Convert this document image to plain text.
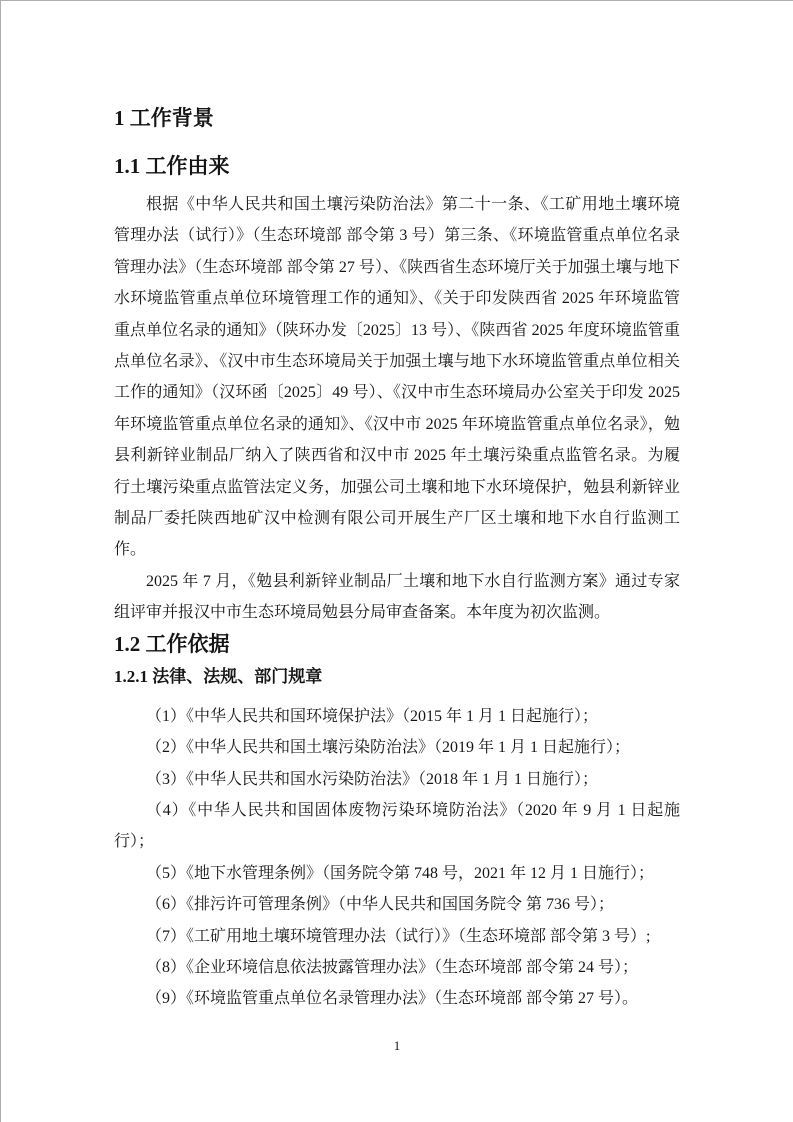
1 工作背景
1.1 工作由来

根据《中华人民共和国土壤污染防治法》第二十一条、《工矿用地土壤环境管理办法（试行）》（生态环境部 部令第 3 号）第三条、《环境监管重点单位名录管理办法》（生态环境部 部令第 27 号）、《陕西省生态环境厅关于加强土壤与地下水环境监管重点单位环境管理工作的通知》、《关于印发陕西省 2025 年环境监管重点单位名录的通知》（陕环办发〔2025〕13 号）、《陕西省 2025 年度环境监管重点单位名录》、《汉中市生态环境局关于加强土壤与地下水环境监管重点单位相关工作的通知》（汉环函〔2025〕49 号）、《汉中市生态环境局办公室关于印发 2025 年环境监管重点单位名录的通知》、《汉中市 2025 年环境监管重点单位名录》，勉县利新锌业制品厂纳入了陕西省和汉中市 2025 年土壤污染重点监管名录。为履行土壤污染重点监管法定义务，加强公司土壤和地下水环境保护，勉县利新锌业制品厂委托陕西地矿汉中检测有限公司开展生产厂区土壤和地下水自行监测工作。

2025 年 7 月，《勉县利新锌业制品厂土壤和地下水自行监测方案》通过专家组评审并报汉中市生态环境局勉县分局审查备案。本年度为初次监测。

1.2 工作依据
1.2.1 法律、法规、部门规章

（1）《中华人民共和国环境保护法》（2015 年 1 月 1 日起施行）；

（2）《中华人民共和国土壤污染防治法》（2019 年 1 月 1 日起施行）；

（3）《中华人民共和国水污染防治法》（2018 年 1 月 1 日施行）；

（4）《中华人民共和国固体废物污染环境防治法》（2020 年 9 月 1 日起施行）；

（5）《地下水管理条例》（国务院令第 748 号，2021 年 12 月 1 日施行）；

（6）《排污许可管理条例》（中华人民共和国国务院令 第 736 号）；

（7）《工矿用地土壤环境管理办法（试行）》（生态环境部 部令第 3 号）;

（8）《企业环境信息依法披露管理办法》（生态环境部 部令第 24 号）；

（9）《环境监管重点单位名录管理办法》（生态环境部 部令第 27 号）。

1
